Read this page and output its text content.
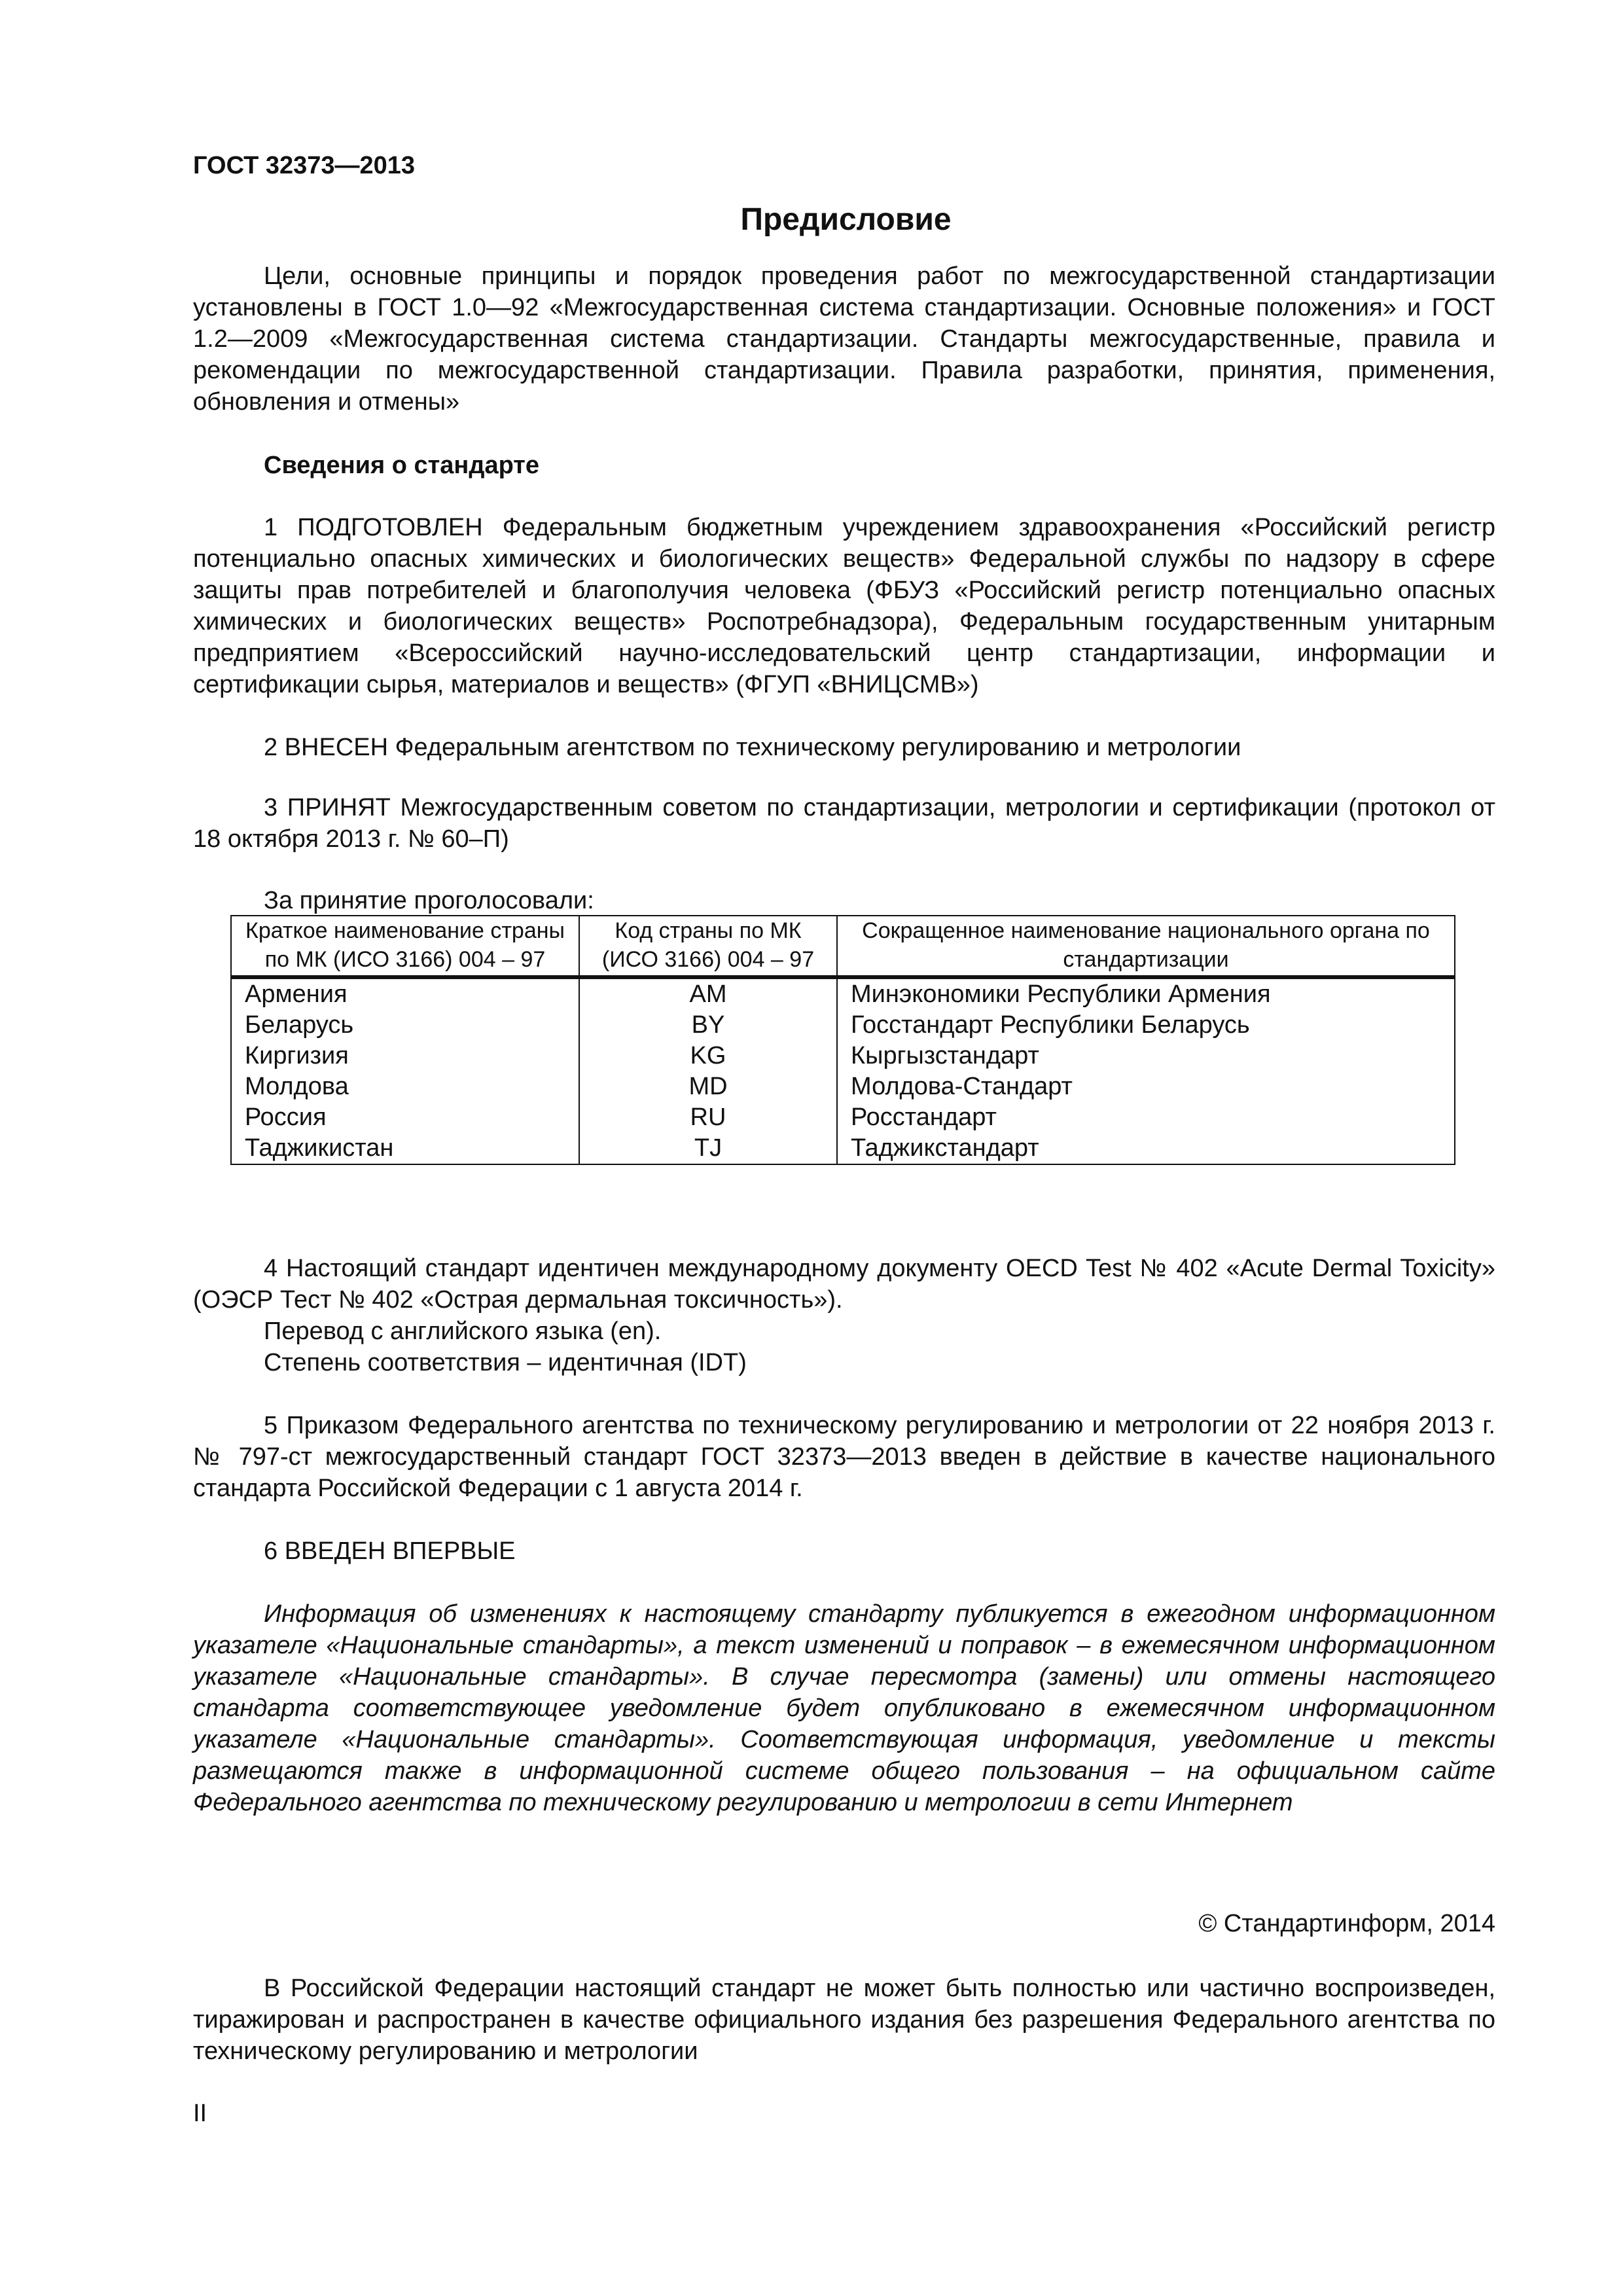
ГОСТ 32373—2013
Предисловие

Цели, основные принципы и порядок проведения работ по межгосударственной стандартизации установлены в ГОСТ 1.0—92 «Межгосударственная система стандартизации. Основные положения» и ГОСТ 1.2—2009 «Межгосударственная система стандартизации. Стандарты межгосударственные, правила и рекомендации по межгосударственной стандартизации. Правила разработки, принятия, применения, обновления и отмены»

Сведения о стандарте

1 ПОДГОТОВЛЕН Федеральным бюджетным учреждением здравоохранения «Российский регистр потенциально опасных химических и биологических веществ» Федеральной службы по надзору в сфере защиты прав потребителей и благополучия человека (ФБУЗ «Российский регистр потенциально опасных химических и биологических веществ» Роспотребнадзора), Федеральным государственным унитарным предприятием «Всероссийский научно-исследовательский центр стандартизации, информации и сертификации сырья, материалов и веществ» (ФГУП «ВНИЦСМВ»)

2 ВНЕСЕН Федеральным агентством по техническому регулированию и метрологии

3 ПРИНЯТ Межгосударственным советом по стандартизации, метрологии и сертификации (протокол от 18 октября 2013 г. № 60–П)

За принятие проголосовали:
Краткое наименование страны по МК (ИСО 3166) 004 – 97	Код страны по МК (ИСО 3166) 004 – 97	Сокращенное наименование национального органа по стандартизации
Армения	AM	Минэкономики Республики Армения
Беларусь	BY	Госстандарт Республики Беларусь
Киргизия	KG	Кыргызстандарт
Молдова	MD	Молдова-Стандарт
Россия	RU	Росстандарт
Таджикистан	TJ	Таджикстандарт

4 Настоящий стандарт идентичен международному документу OECD Test № 402 «Acute Dermal Toxicity» (ОЭСР Тест № 402 «Острая дермальная токсичность»).

Перевод с английского языка (en).
Степень соответствия – идентичная (IDT)

5 Приказом Федерального агентства по техническому регулированию и метрологии от 22 ноября 2013 г. № 797-ст межгосударственный стандарт ГОСТ 32373—2013 введен в действие в качестве национального стандарта Российской Федерации с 1 августа 2014 г.

6 ВВЕДЕН ВПЕРВЫЕ

Информация об изменениях к настоящему стандарту публикуется в ежегодном информационном указателе «Национальные стандарты», а текст изменений и поправок – в ежемесячном информационном указателе «Национальные стандарты». В случае пересмотра (замены) или отмены настоящего стандарта соответствующее уведомление будет опубликовано в ежемесячном информационном указателе «Национальные стандарты». Соответствующая информация, уведомление и тексты размещаются также в информационной системе общего пользования – на официальном сайте Федерального агентства по техническому регулированию и метрологии в сети Интернет

© Стандартинформ, 2014

В Российской Федерации настоящий стандарт не может быть полностью или частично воспроизведен, тиражирован и распространен в качестве официального издания без разрешения Федерального агентства по техническому регулированию и метрологии

II
